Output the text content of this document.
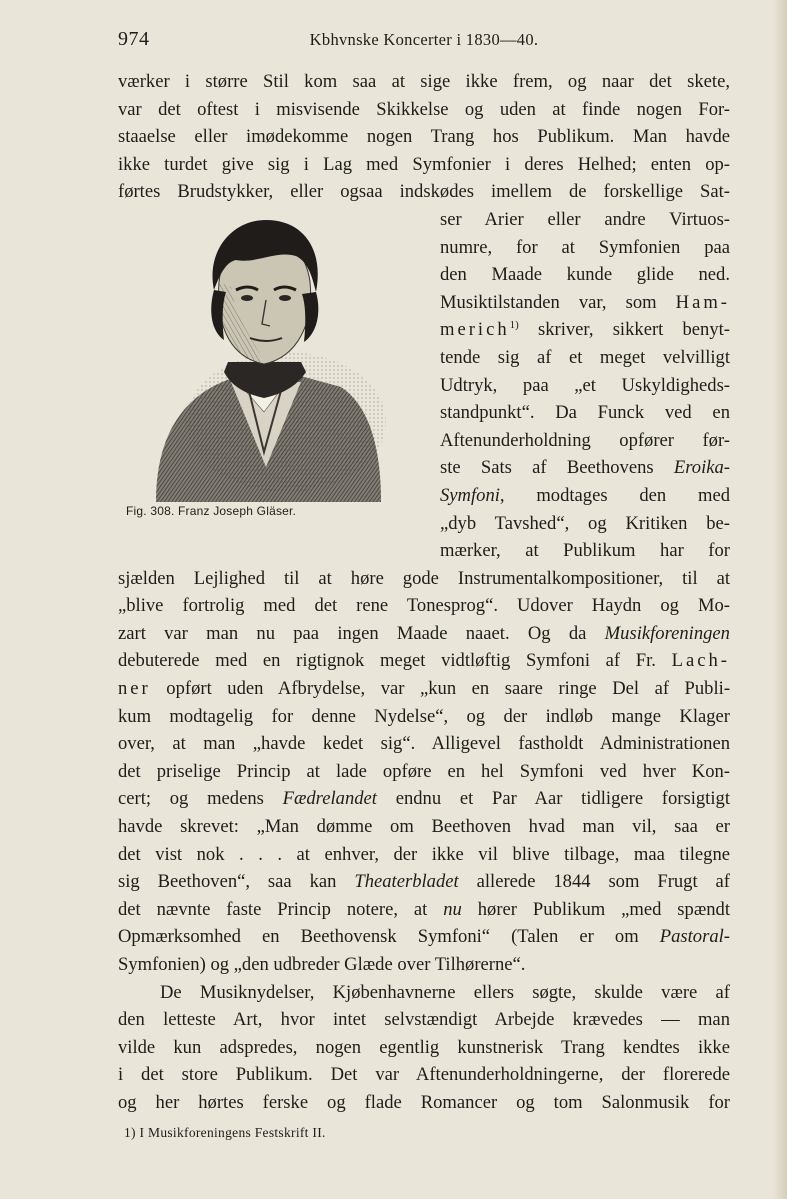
974	Kbhvnske Koncerter i 1830—40.
værker i større Stil kom saa at sige ikke frem, og naar det skete,
var det oftest i misvisende Skikkelse og uden at finde nogen For-
staaelse eller imødekomme nogen Trang hos Publikum. Man havde
ikke turdet give sig i Lag med Symfonier i deres Helhed; enten op-
førtes Brudstykker, eller ogsaa indskødes imellem de forskellige Sat-
Fig. 308. Franz Joseph Gläser.
ser Arier eller andre Virtuos-
numre, for at Symfonien paa
den Maade kunde glide ned.
Musiktilstanden var, som Ham-
merich$^{1)}$ skriver, sikkert benyt-
tende sig af et meget velvilligt
Udtryk, paa „et Uskyldigheds-
standpunkt“. Da Funck ved en
Aftenunderholdning opfører før-
ste Sats af Beethovens Eroika-
Symfoni, modtages den med
„dyb Tavshed“, og Kritiken be-
mærker, at Publikum har for
sjælden Lejlighed til at høre gode Instrumentalkompositioner, til at
„blive fortrolig med det rene Tonesprog“. Udover Haydn og Mo-
zart var man nu paa ingen Maade naaet. Og da Musikforeningen
debuterede med en rigtignok meget vidtløftig Symfoni af Fr. Lach-
ner opført uden Afbrydelse, var „kun en saare ringe Del af Publi-
kum modtagelig for denne Nydelse“, og der indløb mange Klager
over, at man „havde kedet sig“. Alligevel fastholdt Administrationen
det priselige Princip at lade opføre en hel Symfoni ved hver Kon-
cert; og medens Fædrelandet endnu et Par Aar tidligere forsigtigt
havde skrevet: „Man dømme om Beethoven hvad man vil, saa er
det vist nok . . . at enhver, der ikke vil blive tilbage, maa tilegne
sig Beethoven“, saa kan Theaterbladet allerede 1844 som Frugt af
det nævnte faste Princip notere, at nu hører Publikum „med spændt
Opmærksomhed en Beethovensk Symfoni“ (Talen er om Pastoral-
Symfonien) og „den udbreder Glæde over Tilhørerne“.
De Musiknydelser, Kjøbenhavnerne ellers søgte, skulde være af
den letteste Art, hvor intet selvstændigt Arbejde krævedes — man
vilde kun adspredes, nogen egentlig kunstnerisk Trang kendtes ikke
i det store Publikum. Det var Aftenunderholdningerne, der florerede
og her hørtes ferske og flade Romancer og tom Salonmusik for
1) I Musikforeningens Festskrift II.
